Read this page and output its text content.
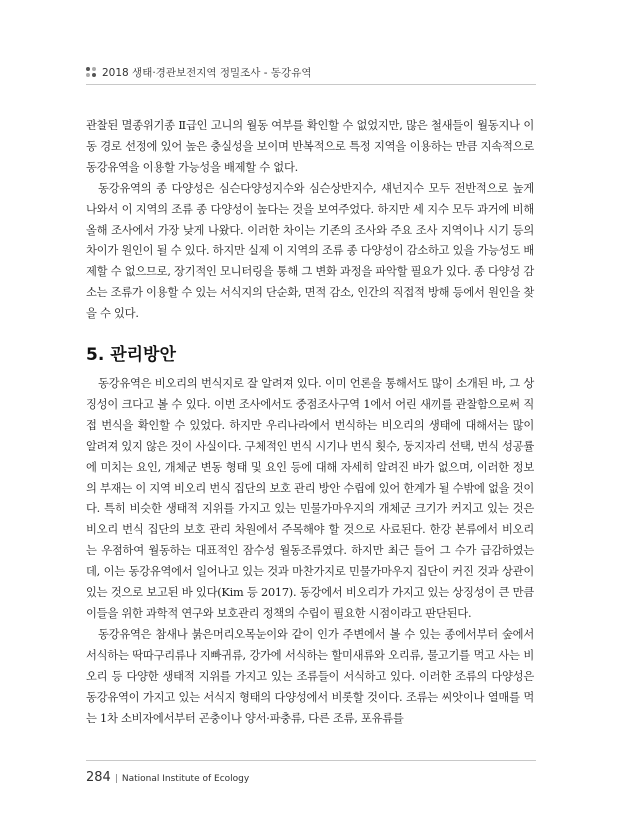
2018 생태·경관보전지역 정밀조사 - 동강유역

관찰된 멸종위기종 Ⅱ급인 고니의 월동 여부를 확인할 수 없었지만, 많은 철새들이 월동지나 이동 경로 선정에 있어 높은 충실성을 보이며 반복적으로 특정 지역을 이용하는 만큼 지속적으로 동강유역을 이용할 가능성을 배제할 수 없다.

동강유역의 종 다양성은 심슨다양성지수와 심슨상반지수, 섀넌지수 모두 전반적으로 높게 나와서 이 지역의 조류 종 다양성이 높다는 것을 보여주었다. 하지만 세 지수 모두 과거에 비해 올해 조사에서 가장 낮게 나왔다. 이러한 차이는 기존의 조사와 주요 조사 지역이나 시기 등의 차이가 원인이 될 수 있다. 하지만 실제 이 지역의 조류 종 다양성이 감소하고 있을 가능성도 배제할 수 없으므로, 장기적인 모니터링을 통해 그 변화 과정을 파악할 필요가 있다. 종 다양성 감소는 조류가 이용할 수 있는 서식지의 단순화, 면적 감소, 인간의 직접적 방해 등에서 원인을 찾을 수 있다.

5. 관리방안

동강유역은 비오리의 번식지로 잘 알려져 있다. 이미 언론을 통해서도 많이 소개된 바, 그 상징성이 크다고 볼 수 있다. 이번 조사에서도 중점조사구역 1에서 어린 새끼를 관찰함으로써 직접 번식을 확인할 수 있었다. 하지만 우리나라에서 번식하는 비오리의 생태에 대해서는 많이 알려져 있지 않은 것이 사실이다. 구체적인 번식 시기나 번식 횟수, 둥지자리 선택, 번식 성공률에 미치는 요인, 개체군 변동 형태 및 요인 등에 대해 자세히 알려진 바가 없으며, 이러한 정보의 부재는 이 지역 비오리 번식 집단의 보호 관리 방안 수립에 있어 한계가 될 수밖에 없을 것이다. 특히 비슷한 생태적 지위를 가지고 있는 민물가마우지의 개체군 크기가 커지고 있는 것은 비오리 번식 집단의 보호 관리 차원에서 주목해야 할 것으로 사료된다. 한강 본류에서 비오리는 우점하여 월동하는 대표적인 잠수성 월동조류였다. 하지만 최근 들어 그 수가 급감하였는데, 이는 동강유역에서 일어나고 있는 것과 마찬가지로 민물가마우지 집단이 커진 것과 상관이 있는 것으로 보고된 바 있다(Kim 등 2017). 동강에서 비오리가 가지고 있는 상징성이 큰 만큼 이들을 위한 과학적 연구와 보호관리 정책의 수립이 필요한 시점이라고 판단된다.

동강유역은 참새나 붉은머리오목눈이와 같이 인가 주변에서 볼 수 있는 종에서부터 숲에서 서식하는 딱따구리류나 지빠귀류, 강가에 서식하는 할미새류와 오리류, 물고기를 먹고 사는 비오리 등 다양한 생태적 지위를 가지고 있는 조류들이 서식하고 있다. 이러한 조류의 다양성은 동강유역이 가지고 있는 서식지 형태의 다양성에서 비롯할 것이다. 조류는 씨앗이나 열매를 먹는 1차 소비자에서부터 곤충이나 양서·파충류, 다른 조류, 포유류를

284 | National Institute of Ecology
